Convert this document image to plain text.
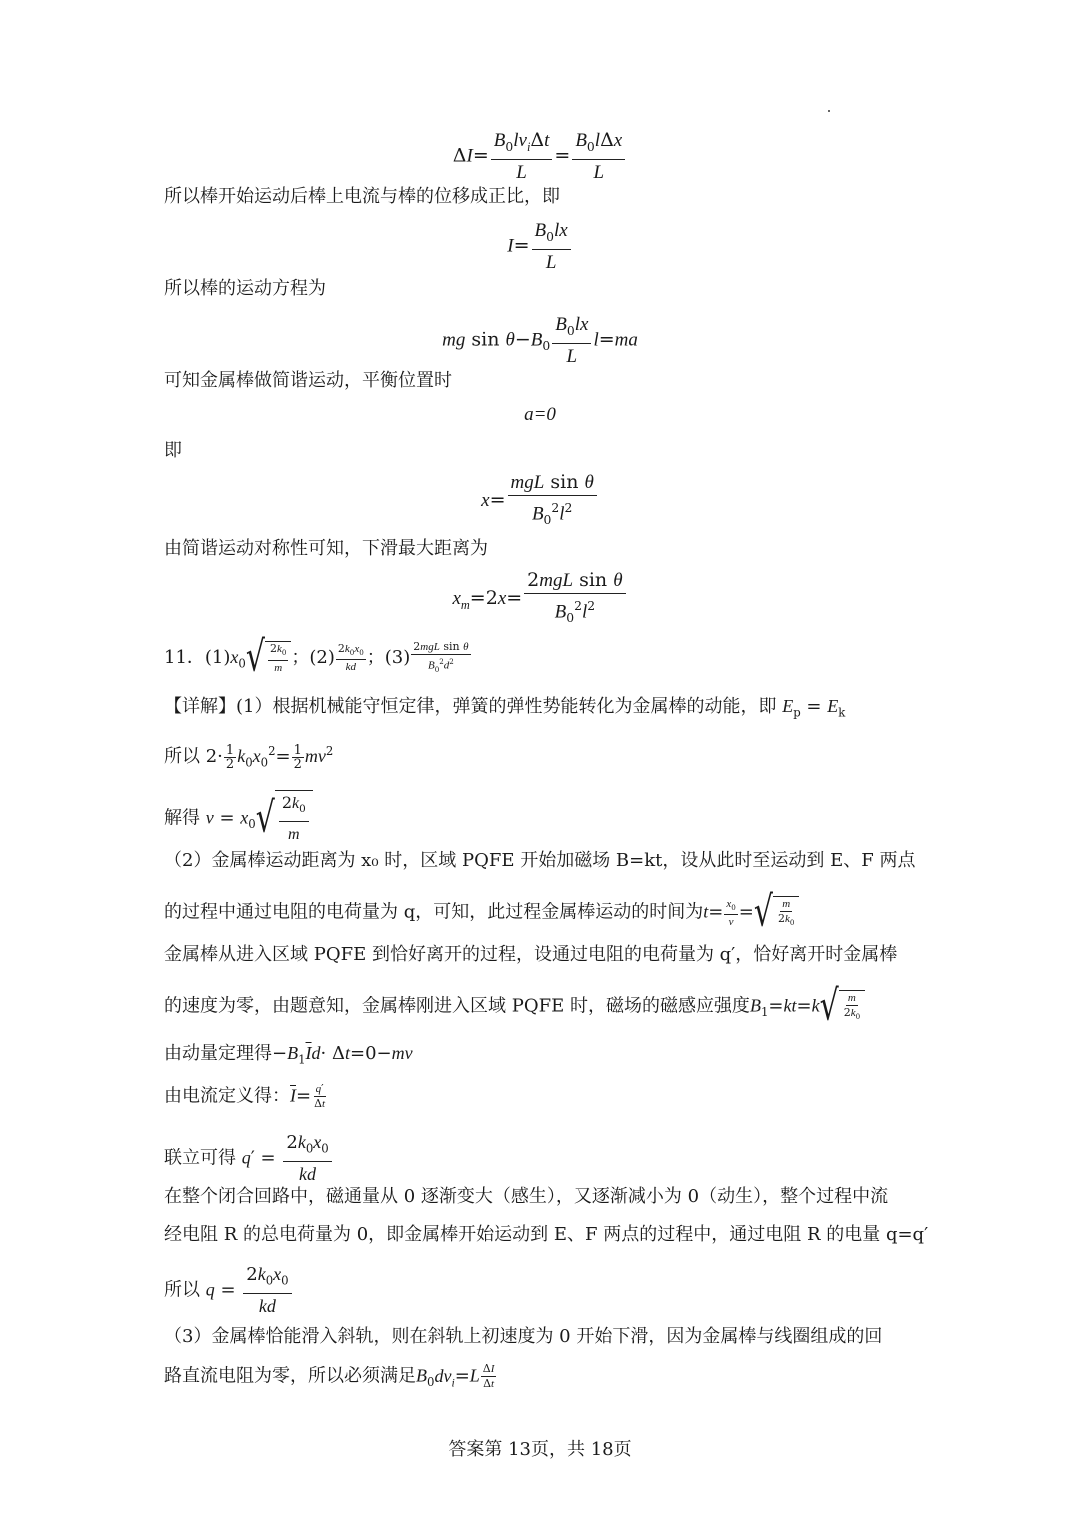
$\Delta I= \frac{B_0lv_i\Delta t}{L} = \frac{B_0l\Delta x}{L}$
所以棒开始运动后棒上电流与棒的位移成正比，即
$I= \frac{B_0lx}{L}$
所以棒的运动方程为
mg $\sin \theta-B_0 \frac{B_0lx}{L} l=ma$
可知金属棒做简谐运动，平衡位置时
a=0
即
$x= \frac{\text{mgL sin θ}}{B_0^2l^2}$
由简谐运动对称性可知，下滑最大距离为
$x_m=2x= \frac{\text{2mgL sin θ}}{B_0^2l^2}$
11．$(1)x_0$ √ $\frac{2k_0}{m}$ ；$(2) \frac{2k_0x_0}{kd}$ ；$(3) \frac{\text{2mgL sin θ}}{B_0^2d^2}$
【详解】(1）根据机械能守恒定律，弹簧的弹性势能转化为金属棒的动能，即 $E_p = E_k$
所以 $2\cdot \frac{1}{2} k_0x_0^2= \frac{1}{2} mv^2$
解得 $v = x_0$ √ $\frac{2k_0}{m}$
（2）金属棒运动距离为 x₀ 时，区域 PQFE 开始加磁场 B=kt，设从此时至运动到 E、F 两点
的过程中通过电阻的电荷量为 q，可知，此过程金属棒运动的时间为$t= \frac{x_0}{v}$ = √ $\frac{m}{2k_0}$
金属棒从进入区域 PQFE 到恰好离开的过程，设通过电阻的电荷量为 q′，恰好离开时金属棒
的速度为零，由题意知，金属棒刚进入区域 PQFE 时，磁场的磁感应强度$B_1=kt=k$ √ $\frac{m}{2k_0}$
由动量定理得$-B_1\overline{I}d\cdot \Delta t=0-mv$
由电流定义得：$\overline{I}= \frac{q'}{\Delta t}$
联立可得 $q' = \frac{2k_0x_0}{kd}$
在整个闭合回路中，磁通量从 0 逐渐变大（感生），又逐渐减小为 0（动生），整个过程中流
经电阻 R 的总电荷量为 0，即金属棒开始运动到 E、F 两点的过程中，通过电阻 R 的电量 q=q′
所以 $q = \frac{2k_0x_0}{kd}$
（3）金属棒恰能滑入斜轨，则在斜轨上初速度为 0 开始下滑，因为金属棒与线圈组成的回
路直流电阻为零，所以必须满足$B_0dv_i=L \frac{\Delta I}{\Delta t}$
答案第 13页，共 18页
